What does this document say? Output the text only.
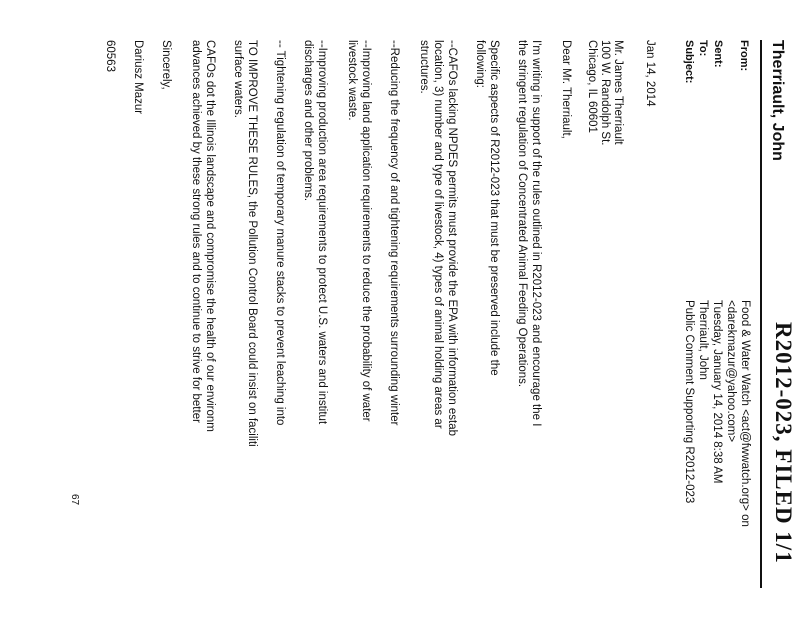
R2012-023, FILED 1/1
Therriault, John
From:
Sent:
To:
Subject:
Food & Water Watch <act@fwwatch.org> on
<darekmazur@yahoo.com>
Tuesday, January 14, 2014 8:38 AM
Therriault, John
Public Comment Supporting R2012-023
Jan 14, 2014
Mr. James Therriault
100 W. Randolph St.
Chicago, IL 60601
Dear Mr. Therriault,
I'm writing in support of the rules outlined in R2012-023 and encourage the I
the stringent regulation of Concentrated Animal Feeding Operations.
Specific aspects of R2012-023 that must be preserved include the
following:
--CAFOs lacking NPDES permits must provide the EPA with information estab
location, 3) number and type of livestock, 4) types of animal holding areas ar
structures.
--Reducing the frequency of and tightening requirements surrounding winter
--Improving land application requirements to reduce the probability of water
livestock waste.
--Improving production area requirements to protect U.S. waters and institut
discharges and other problems.
-- Tightening regulation of temporary manure stacks to prevent leaching into
TO IMPROVE THESE RULES, the Pollution Control Board could insist on faciliti
surface waters.
CAFOs dot the Illinois landscape and compromise the health of our environm
advances achieved by these strong rules and to continue to strive for better
Sincerely,
Dariusz Mazur
60563
67
